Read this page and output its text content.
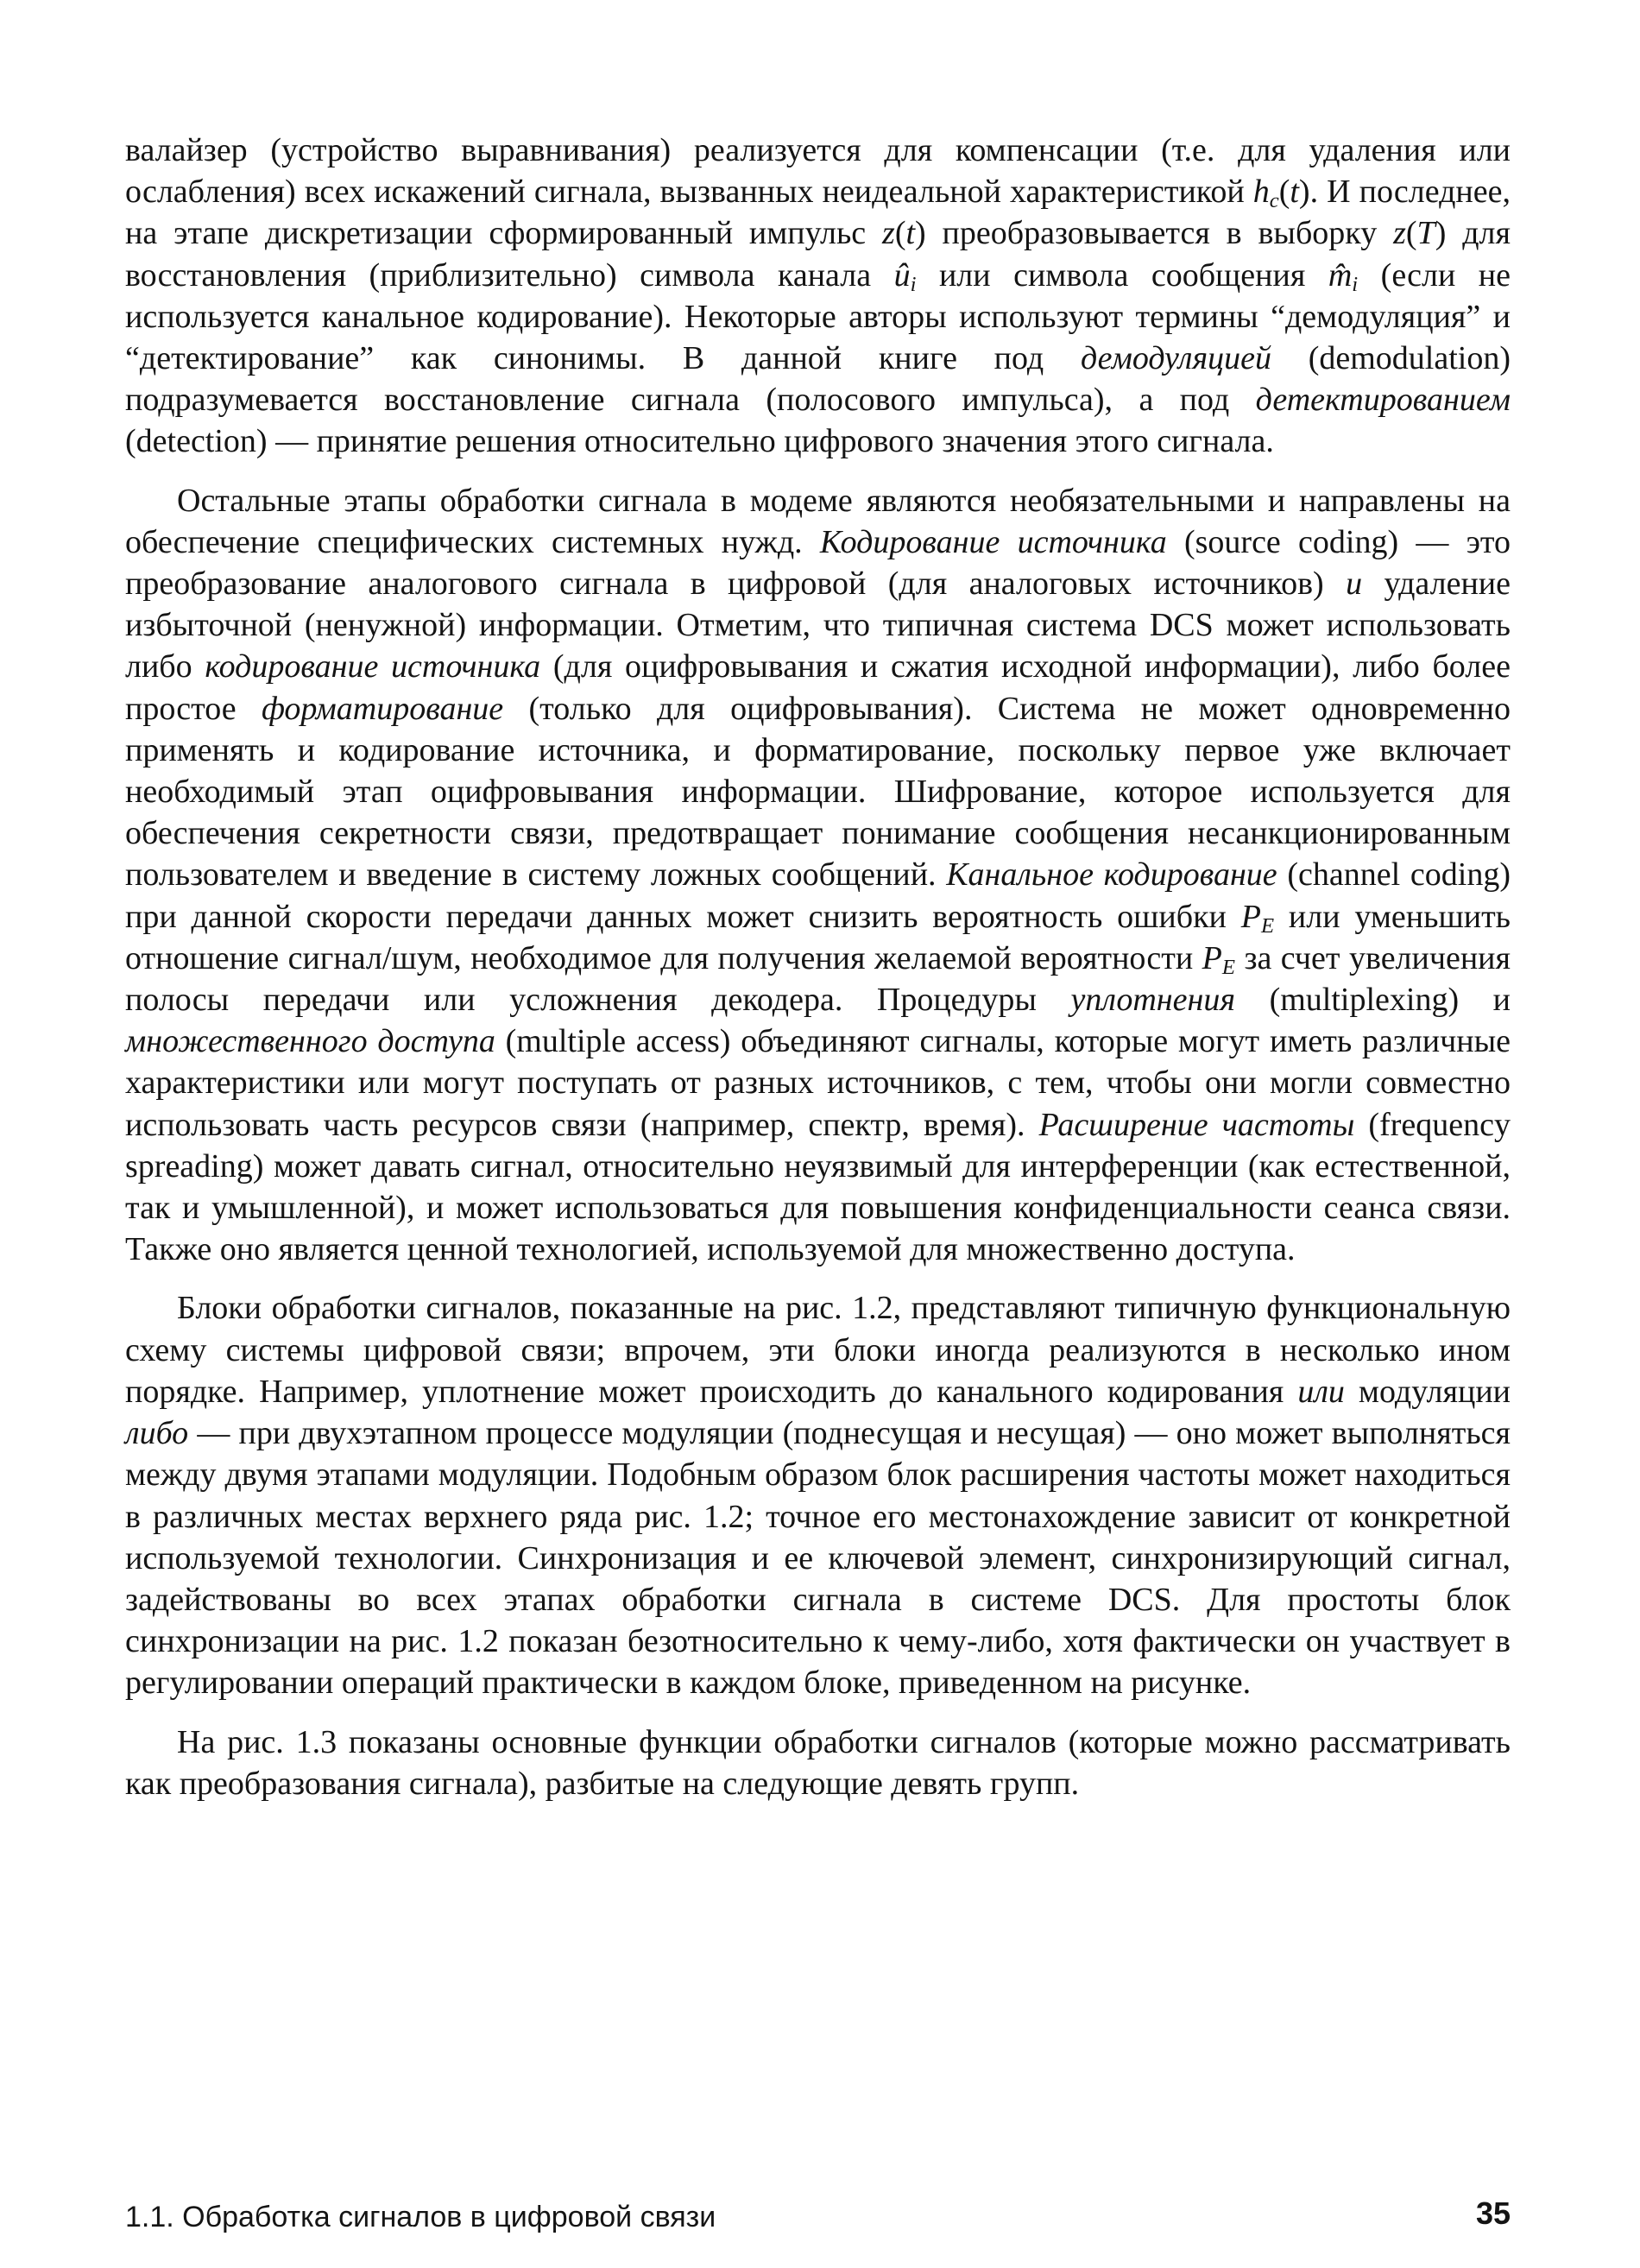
валайзер (устройство выравнивания) реализуется для компенсации (т.е. для удаления или ослабления) всех искажений сигнала, вызванных неидеальной характеристикой $h_c(t)$. И последнее, на этапе дискретизации сформированный импульс z(t) преобразовывается в выборку z(T) для восстановления (приблизительно) символа канала $û_i$ или символа сообщения $m̂_i$ (если не используется канальное кодирование). Некоторые авторы используют термины “демодуляция” и “детектирование” как синонимы. В данной книге под демодуляцией (demodulation) подразумевается восстановление сигнала (полосового импульса), а под детектированием (detection) — принятие решения относительно цифрового значения этого сигнала.

Остальные этапы обработки сигнала в модеме являются необязательными и направлены на обеспечение специфических системных нужд. Кодирование источника (source coding) — это преобразование аналогового сигнала в цифровой (для аналоговых источников) и удаление избыточной (ненужной) информации. Отметим, что типичная система DCS может использовать либо кодирование источника (для оцифровывания и сжатия исходной информации), либо более простое форматирование (только для оцифровывания). Система не может одновременно применять и кодирование источника, и форматирование, поскольку первое уже включает необходимый этап оцифровывания информации. Шифрование, которое используется для обеспечения секретности связи, предотвращает понимание сообщения несанкционированным пользователем и введение в систему ложных сообщений. Канальное кодирование (channel coding) при данной скорости передачи данных может снизить вероятность ошибки $P_E$ или уменьшить отношение сигнал/шум, необходимое для получения желаемой вероятности $P_E$ за счет увеличения полосы передачи или усложнения декодера. Процедуры уплотнения (multiplexing) и множественного доступа (multiple access) объединяют сигналы, которые могут иметь различные характеристики или могут поступать от разных источников, с тем, чтобы они могли совместно использовать часть ресурсов связи (например, спектр, время). Расширение частоты (frequency spreading) может давать сигнал, относительно неуязвимый для интерференции (как естественной, так и умышленной), и может использоваться для повышения конфиденциальности сеанса связи. Также оно является ценной технологией, используемой для множественно доступа.

Блоки обработки сигналов, показанные на рис. 1.2, представляют типичную функциональную схему системы цифровой связи; впрочем, эти блоки иногда реализуются в несколько ином порядке. Например, уплотнение может происходить до канального кодирования или модуляции либо — при двухэтапном процессе модуляции (поднесущая и несущая) — оно может выполняться между двумя этапами модуляции. Подобным образом блок расширения частоты может находиться в различных местах верхнего ряда рис. 1.2; точное его местонахождение зависит от конкретной используемой технологии. Синхронизация и ее ключевой элемент, синхронизирующий сигнал, задействованы во всех этапах обработки сигнала в системе DCS. Для простоты блок синхронизации на рис. 1.2 показан безотносительно к чему-либо, хотя фактически он участвует в регулировании операций практически в каждом блоке, приведенном на рисунке.

На рис. 1.3 показаны основные функции обработки сигналов (которые можно рассматривать как преобразования сигнала), разбитые на следующие девять групп.

1.1. Обработка сигналов в цифровой связи	35
